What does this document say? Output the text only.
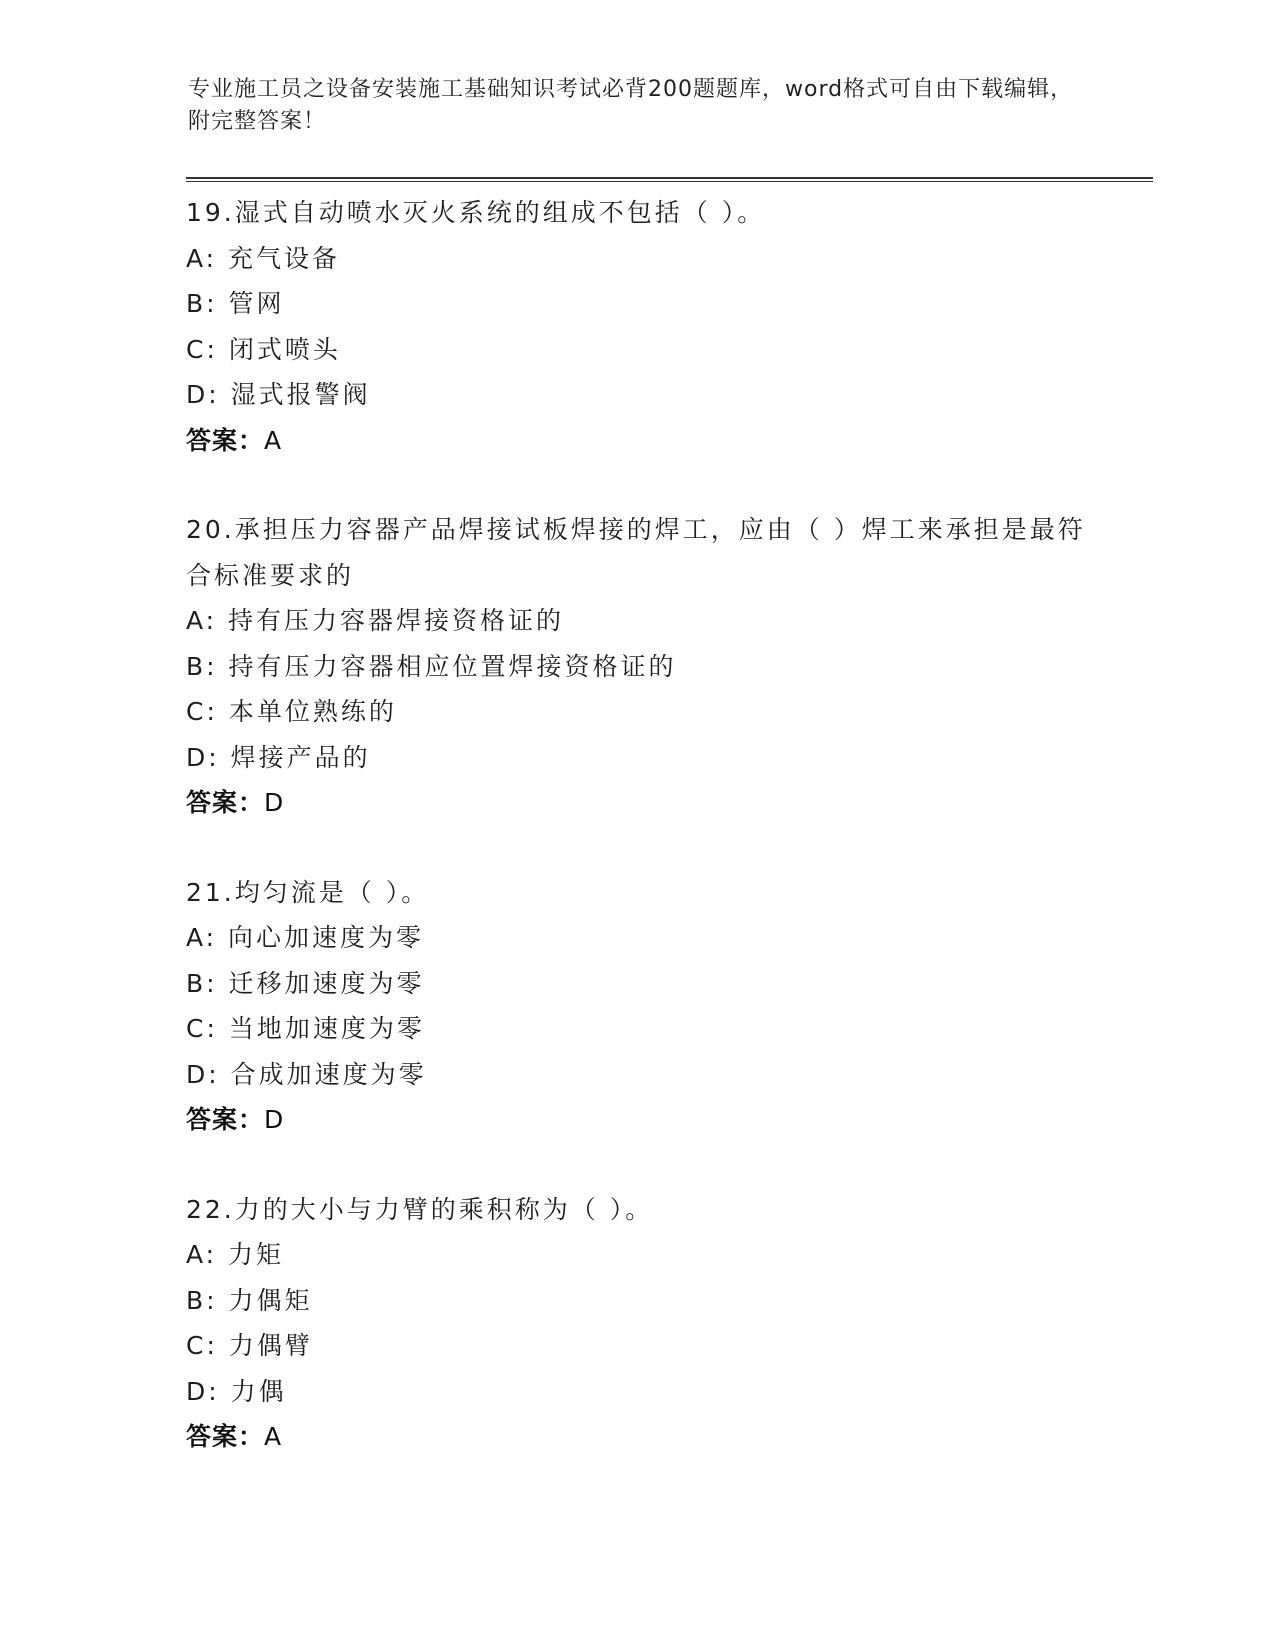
专业施工员之设备安装施工基础知识考试必背200题题库，word格式可自由下载编辑，附完整答案！
19.湿式自动喷水灭火系统的组成不包括（ ）。
A: 充气设备
B: 管网
C: 闭式喷头
D: 湿式报警阀
答案：A
20.承担压力容器产品焊接试板焊接的焊工，应由（ ）焊工来承担是最符合标准要求的
A: 持有压力容器焊接资格证的
B: 持有压力容器相应位置焊接资格证的
C: 本单位熟练的
D: 焊接产品的
答案：D
21.均匀流是（ ）。
A: 向心加速度为零
B: 迁移加速度为零
C: 当地加速度为零
D: 合成加速度为零
答案：D
22.力的大小与力臂的乘积称为（ ）。
A: 力矩
B: 力偶矩
C: 力偶臂
D: 力偶
答案：A
